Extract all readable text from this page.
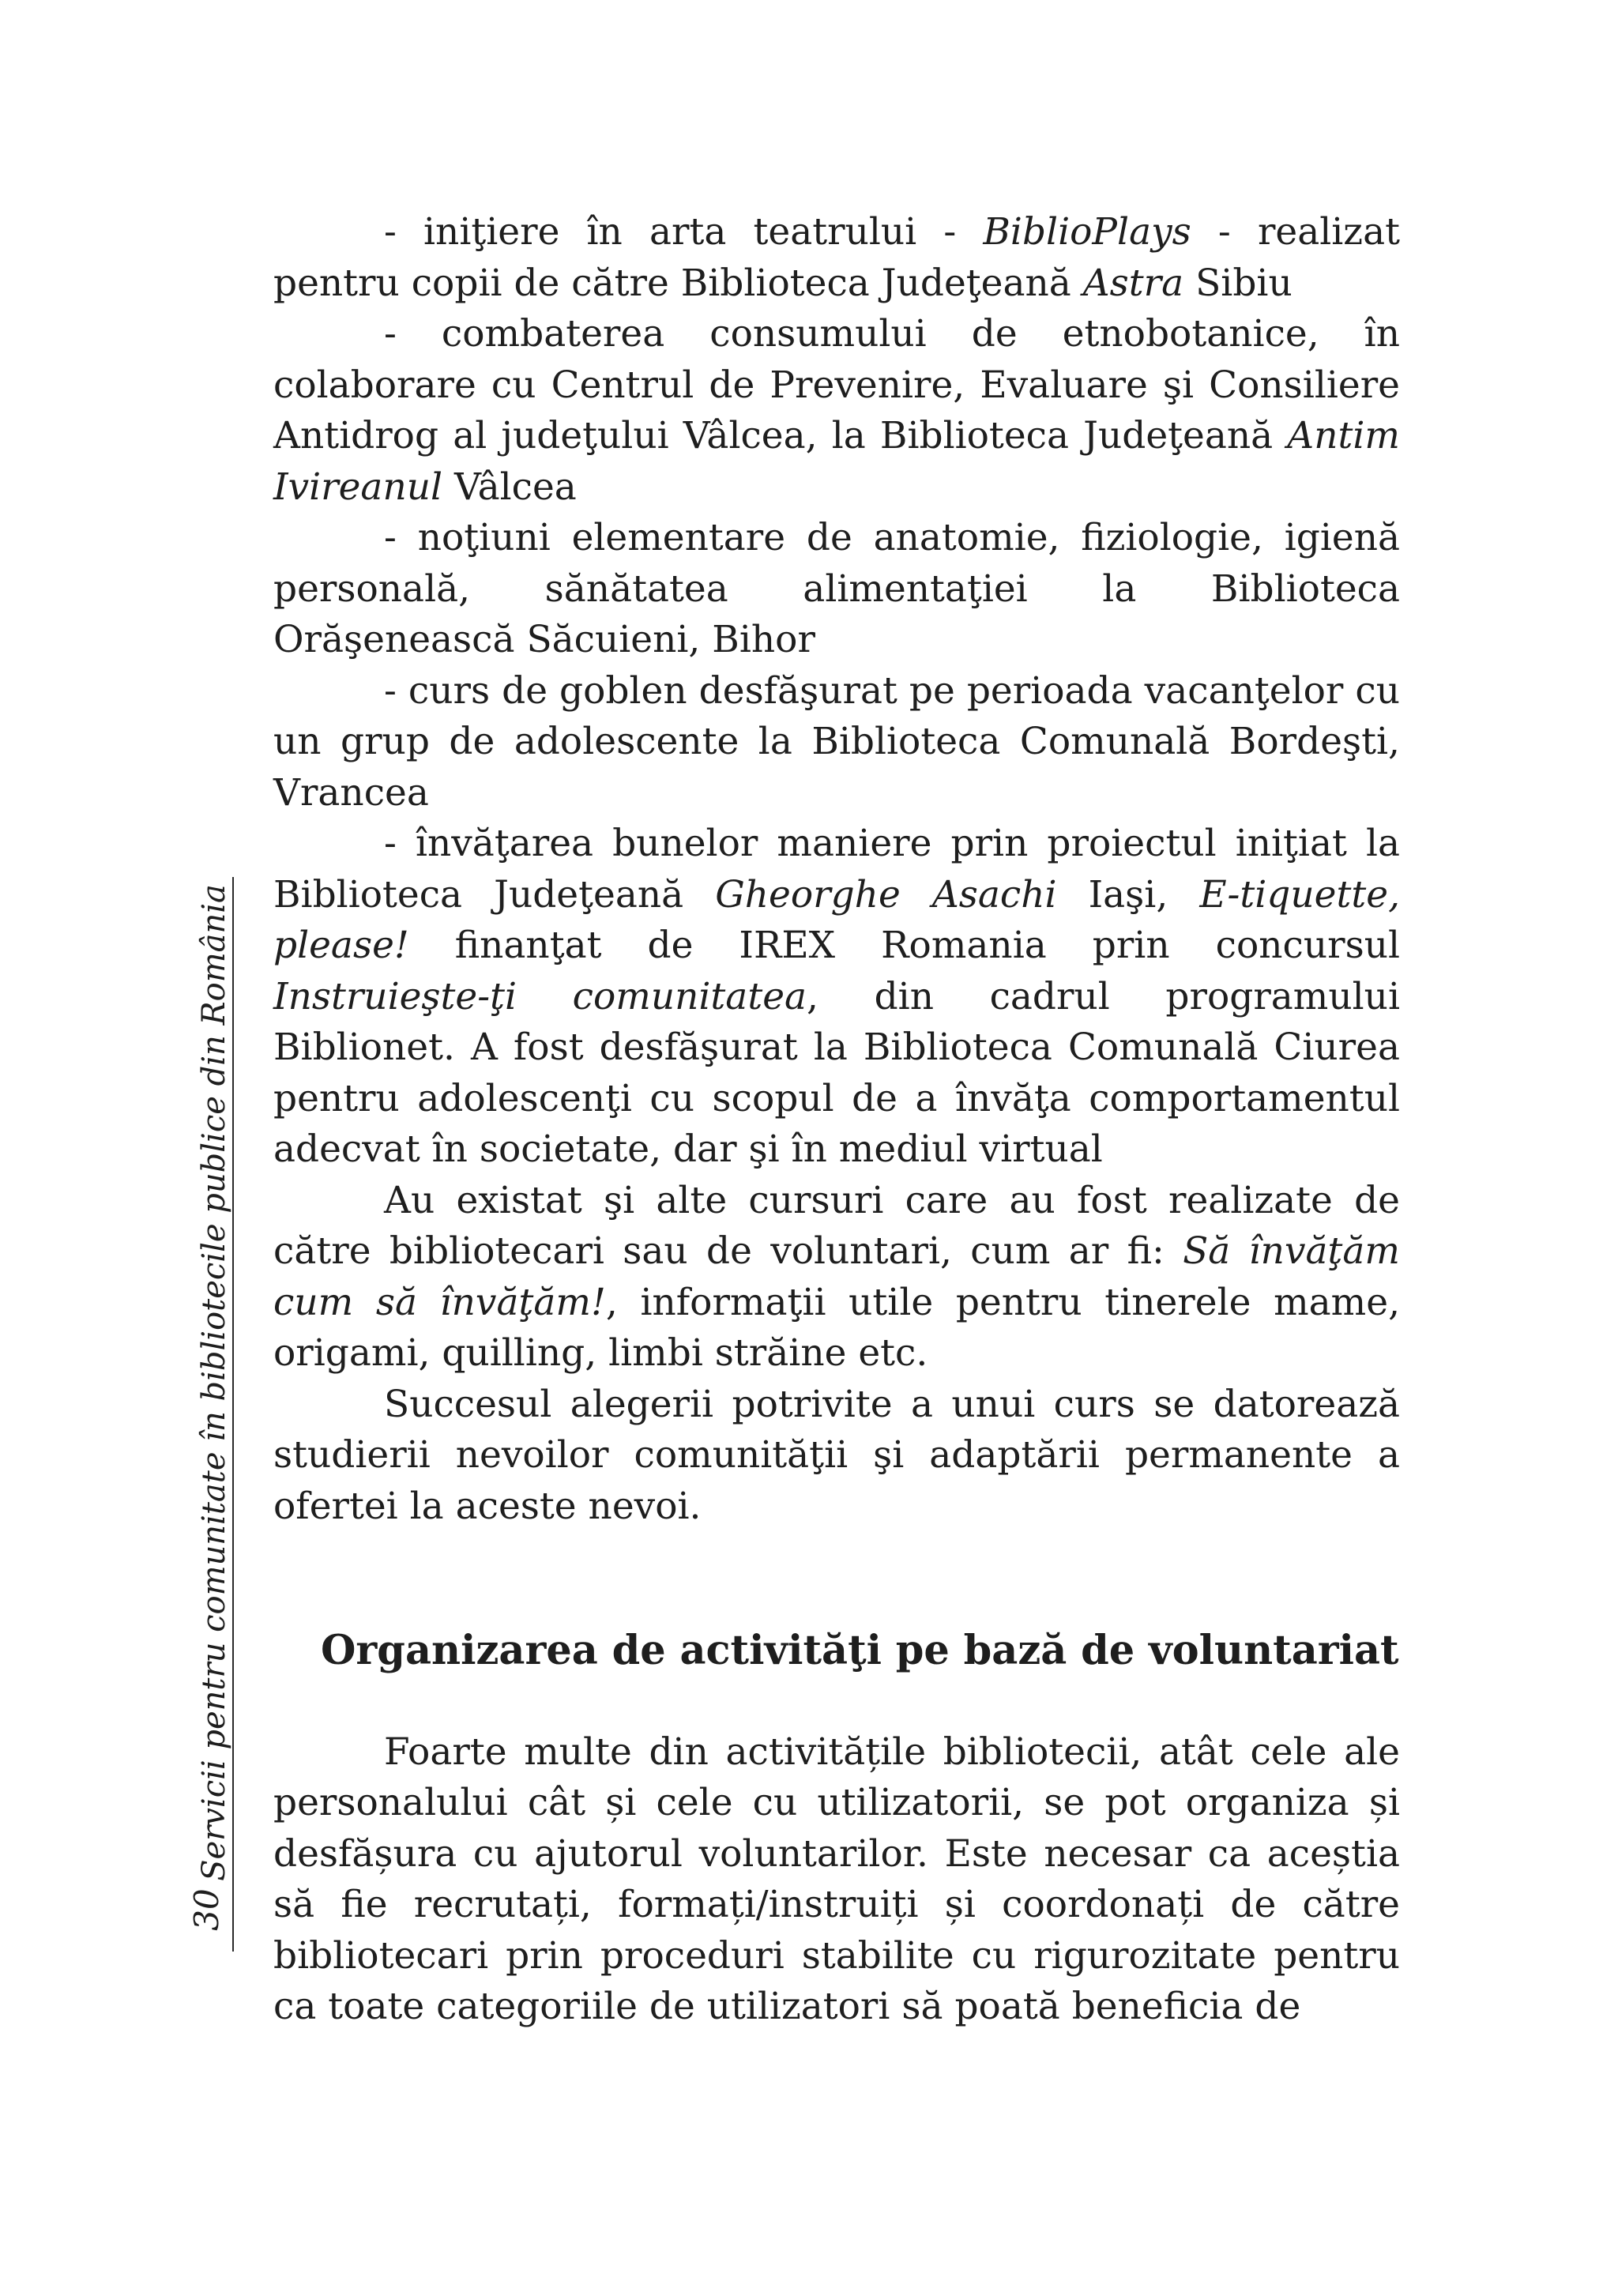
Servicii pentru comunitate în bibliotecile publice din România
30

- iniţiere în arta teatrului - BiblioPlays - realizat pentru copii de către Biblioteca Judeţeană Astra Sibiu

- combaterea consumului de etnobotanice, în colaborare cu Centrul de Prevenire, Evaluare şi Consiliere Antidrog al judeţului Vâlcea, la Biblioteca Judeţeană Antim Ivireanul Vâlcea

- noţiuni elementare de anatomie, fiziologie, igienă personală, sănătatea alimentaţiei la Biblioteca Orăşenească Săcuieni, Bihor

- curs de goblen desfăşurat pe perioada vacanţelor cu un grup de adolescente la Biblioteca Comunală Bordeşti, Vrancea

- învăţarea bunelor maniere prin proiectul iniţiat la Biblioteca Judeţeană Gheorghe Asachi Iaşi, E-tiquette, please! finanţat de IREX Romania prin concursul Instruieşte-ţi comunitatea, din cadrul programului Biblionet. A fost desfăşurat la Biblioteca Comunală Ciurea pentru adolescenţi cu scopul de a învăţa comportamentul adecvat în societate, dar şi în mediul virtual

Au existat şi alte cursuri care au fost realizate de către bibliotecari sau de voluntari, cum ar fi: Să învăţăm cum să învăţăm!, informaţii utile pentru tinerele mame, origami, quilling, limbi străine etc.

Succesul alegerii potrivite a unui curs se datorează studierii nevoilor comunităţii şi adaptării permanente a ofertei la aceste nevoi.

Organizarea de activităţi pe bază de voluntariat

Foarte multe din activitățile bibliotecii, atât cele ale personalului cât și cele cu utilizatorii, se pot organiza și desfășura cu ajutorul voluntarilor. Este necesar ca aceștia să fie recrutați, formați/instruiți și coordonați de către bibliotecari prin proceduri stabilite cu rigurozitate pentru ca toate categoriile de utilizatori să poată beneficia de
